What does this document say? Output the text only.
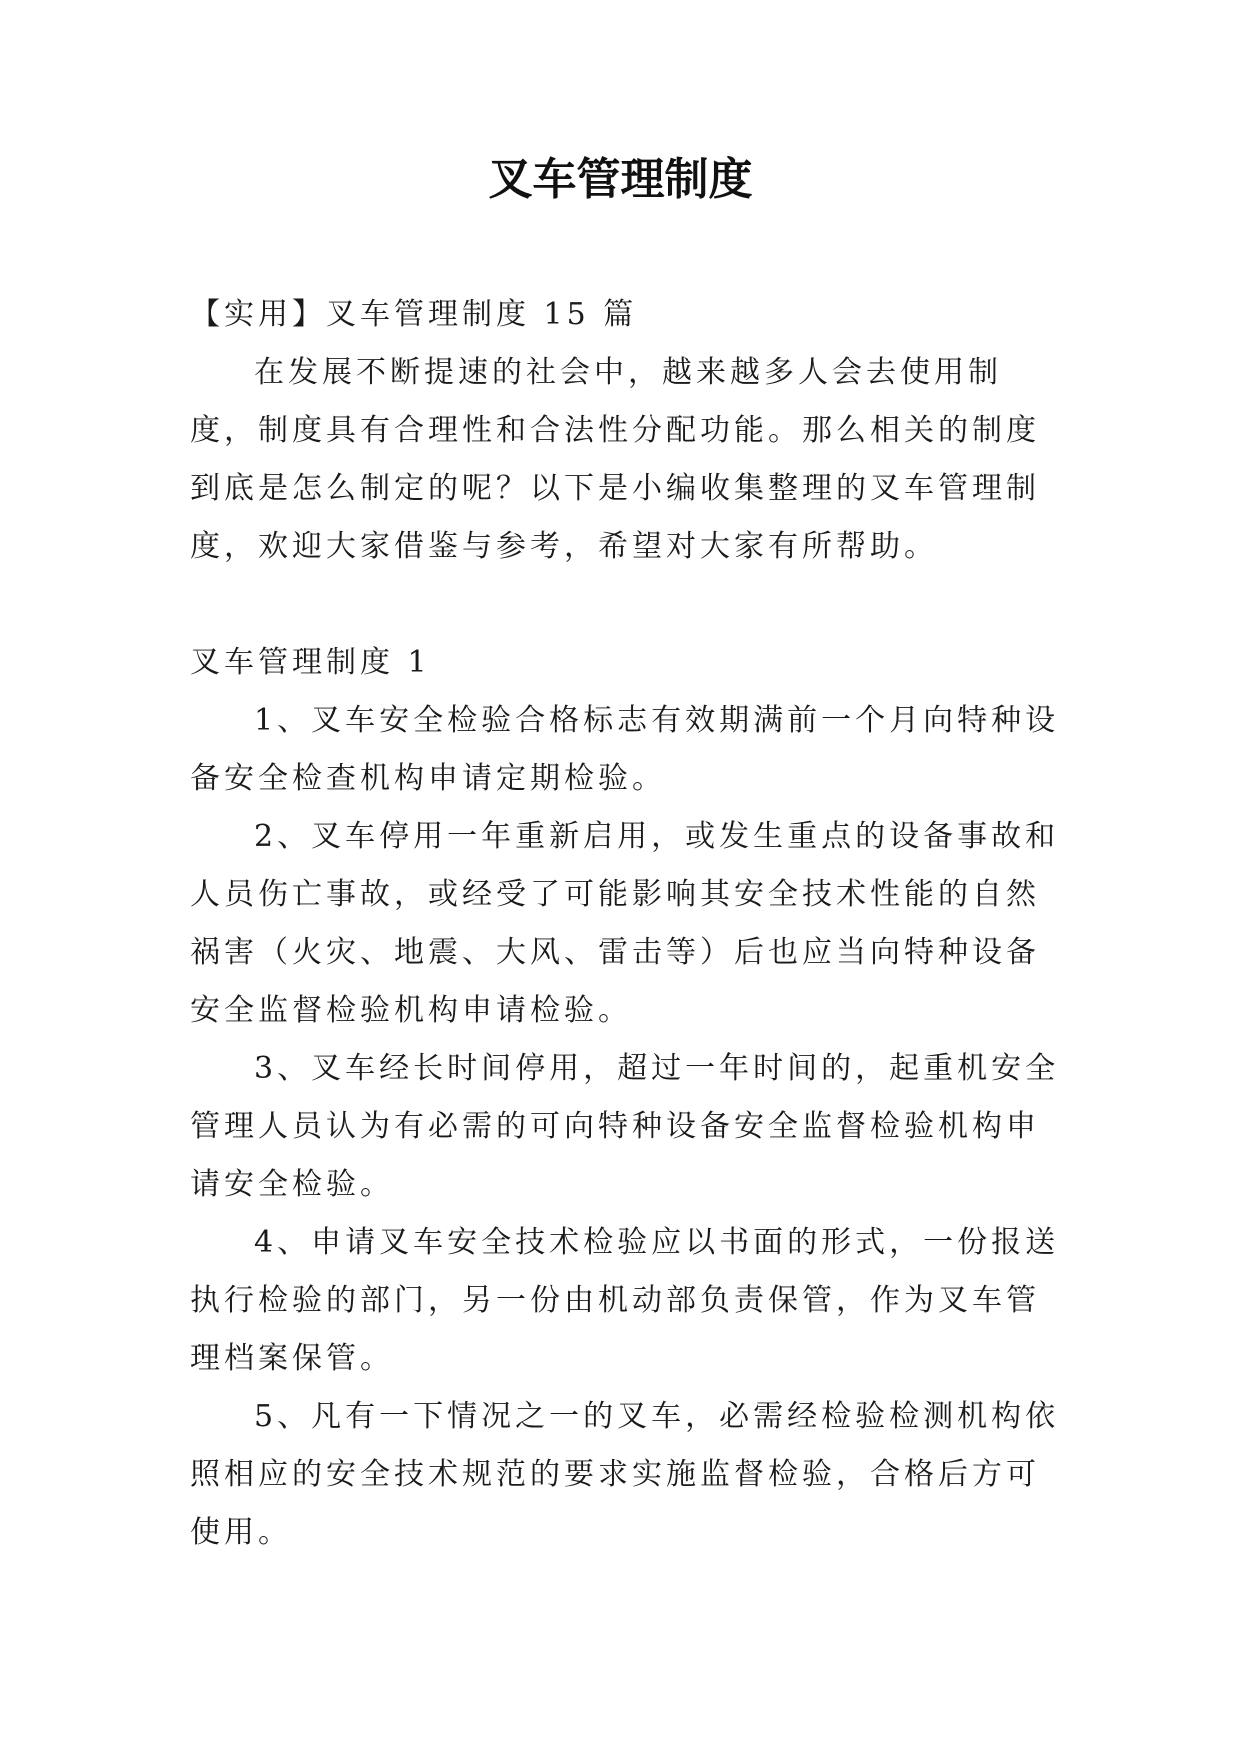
叉车管理制度

【实用】叉车管理制度 15 篇

在发展不断提速的社会中，越来越多人会去使用制度，制度具有合理性和合法性分配功能。那么相关的制度到底是怎么制定的呢？以下是小编收集整理的叉车管理制度，欢迎大家借鉴与参考，希望对大家有所帮助。

叉车管理制度 1

1、叉车安全检验合格标志有效期满前一个月向特种设备安全检查机构申请定期检验。

2、叉车停用一年重新启用，或发生重点的设备事故和人员伤亡事故，或经受了可能影响其安全技术性能的自然祸害（火灾、地震、大风、雷击等）后也应当向特种设备安全监督检验机构申请检验。

3、叉车经长时间停用，超过一年时间的，起重机安全管理人员认为有必需的可向特种设备安全监督检验机构申请安全检验。

4、申请叉车安全技术检验应以书面的形式，一份报送执行检验的部门，另一份由机动部负责保管，作为叉车管理档案保管。

5、凡有一下情况之一的叉车，必需经检验检测机构依照相应的安全技术规范的要求实施监督检验，合格后方可使用。
